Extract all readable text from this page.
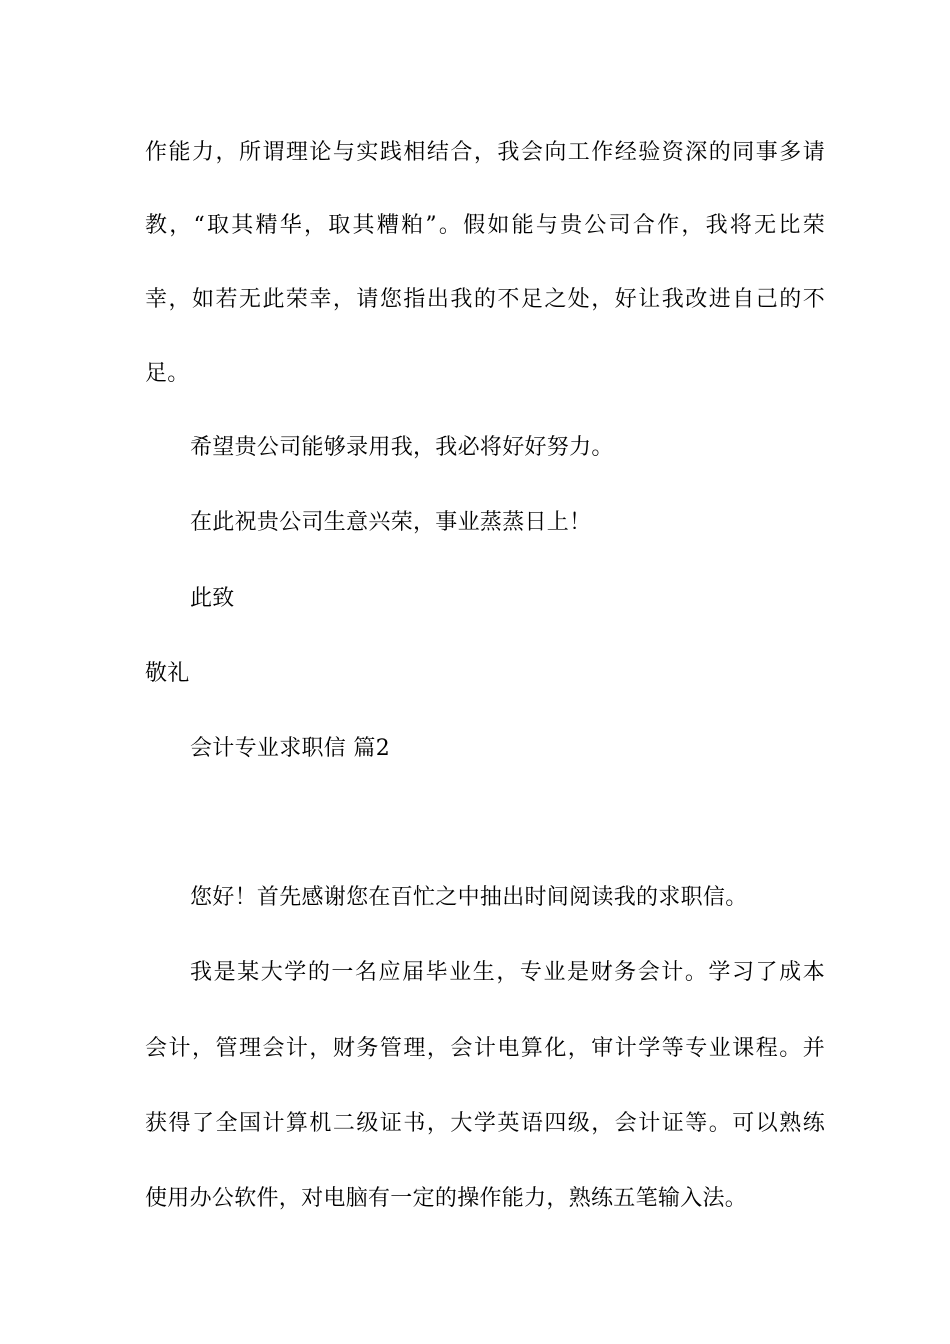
作能力，所谓理论与实践相结合，我会向工作经验资深的同事多请
教，“取其精华，取其糟粕”。假如能与贵公司合作，我将无比荣
幸，如若无此荣幸，请您指出我的不足之处，好让我改进自己的不
足。
希望贵公司能够录用我，我必将好好努力。
在此祝贵公司生意兴荣，事业蒸蒸日上！
此致
敬礼
会计专业求职信 篇2
您好！首先感谢您在百忙之中抽出时间阅读我的求职信。
我是某大学的一名应届毕业生，专业是财务会计。学习了成本
会计，管理会计，财务管理，会计电算化，审计学等专业课程。并
获得了全国计算机二级证书，大学英语四级，会计证等。可以熟练
使用办公软件，对电脑有一定的操作能力，熟练五笔输入法。
